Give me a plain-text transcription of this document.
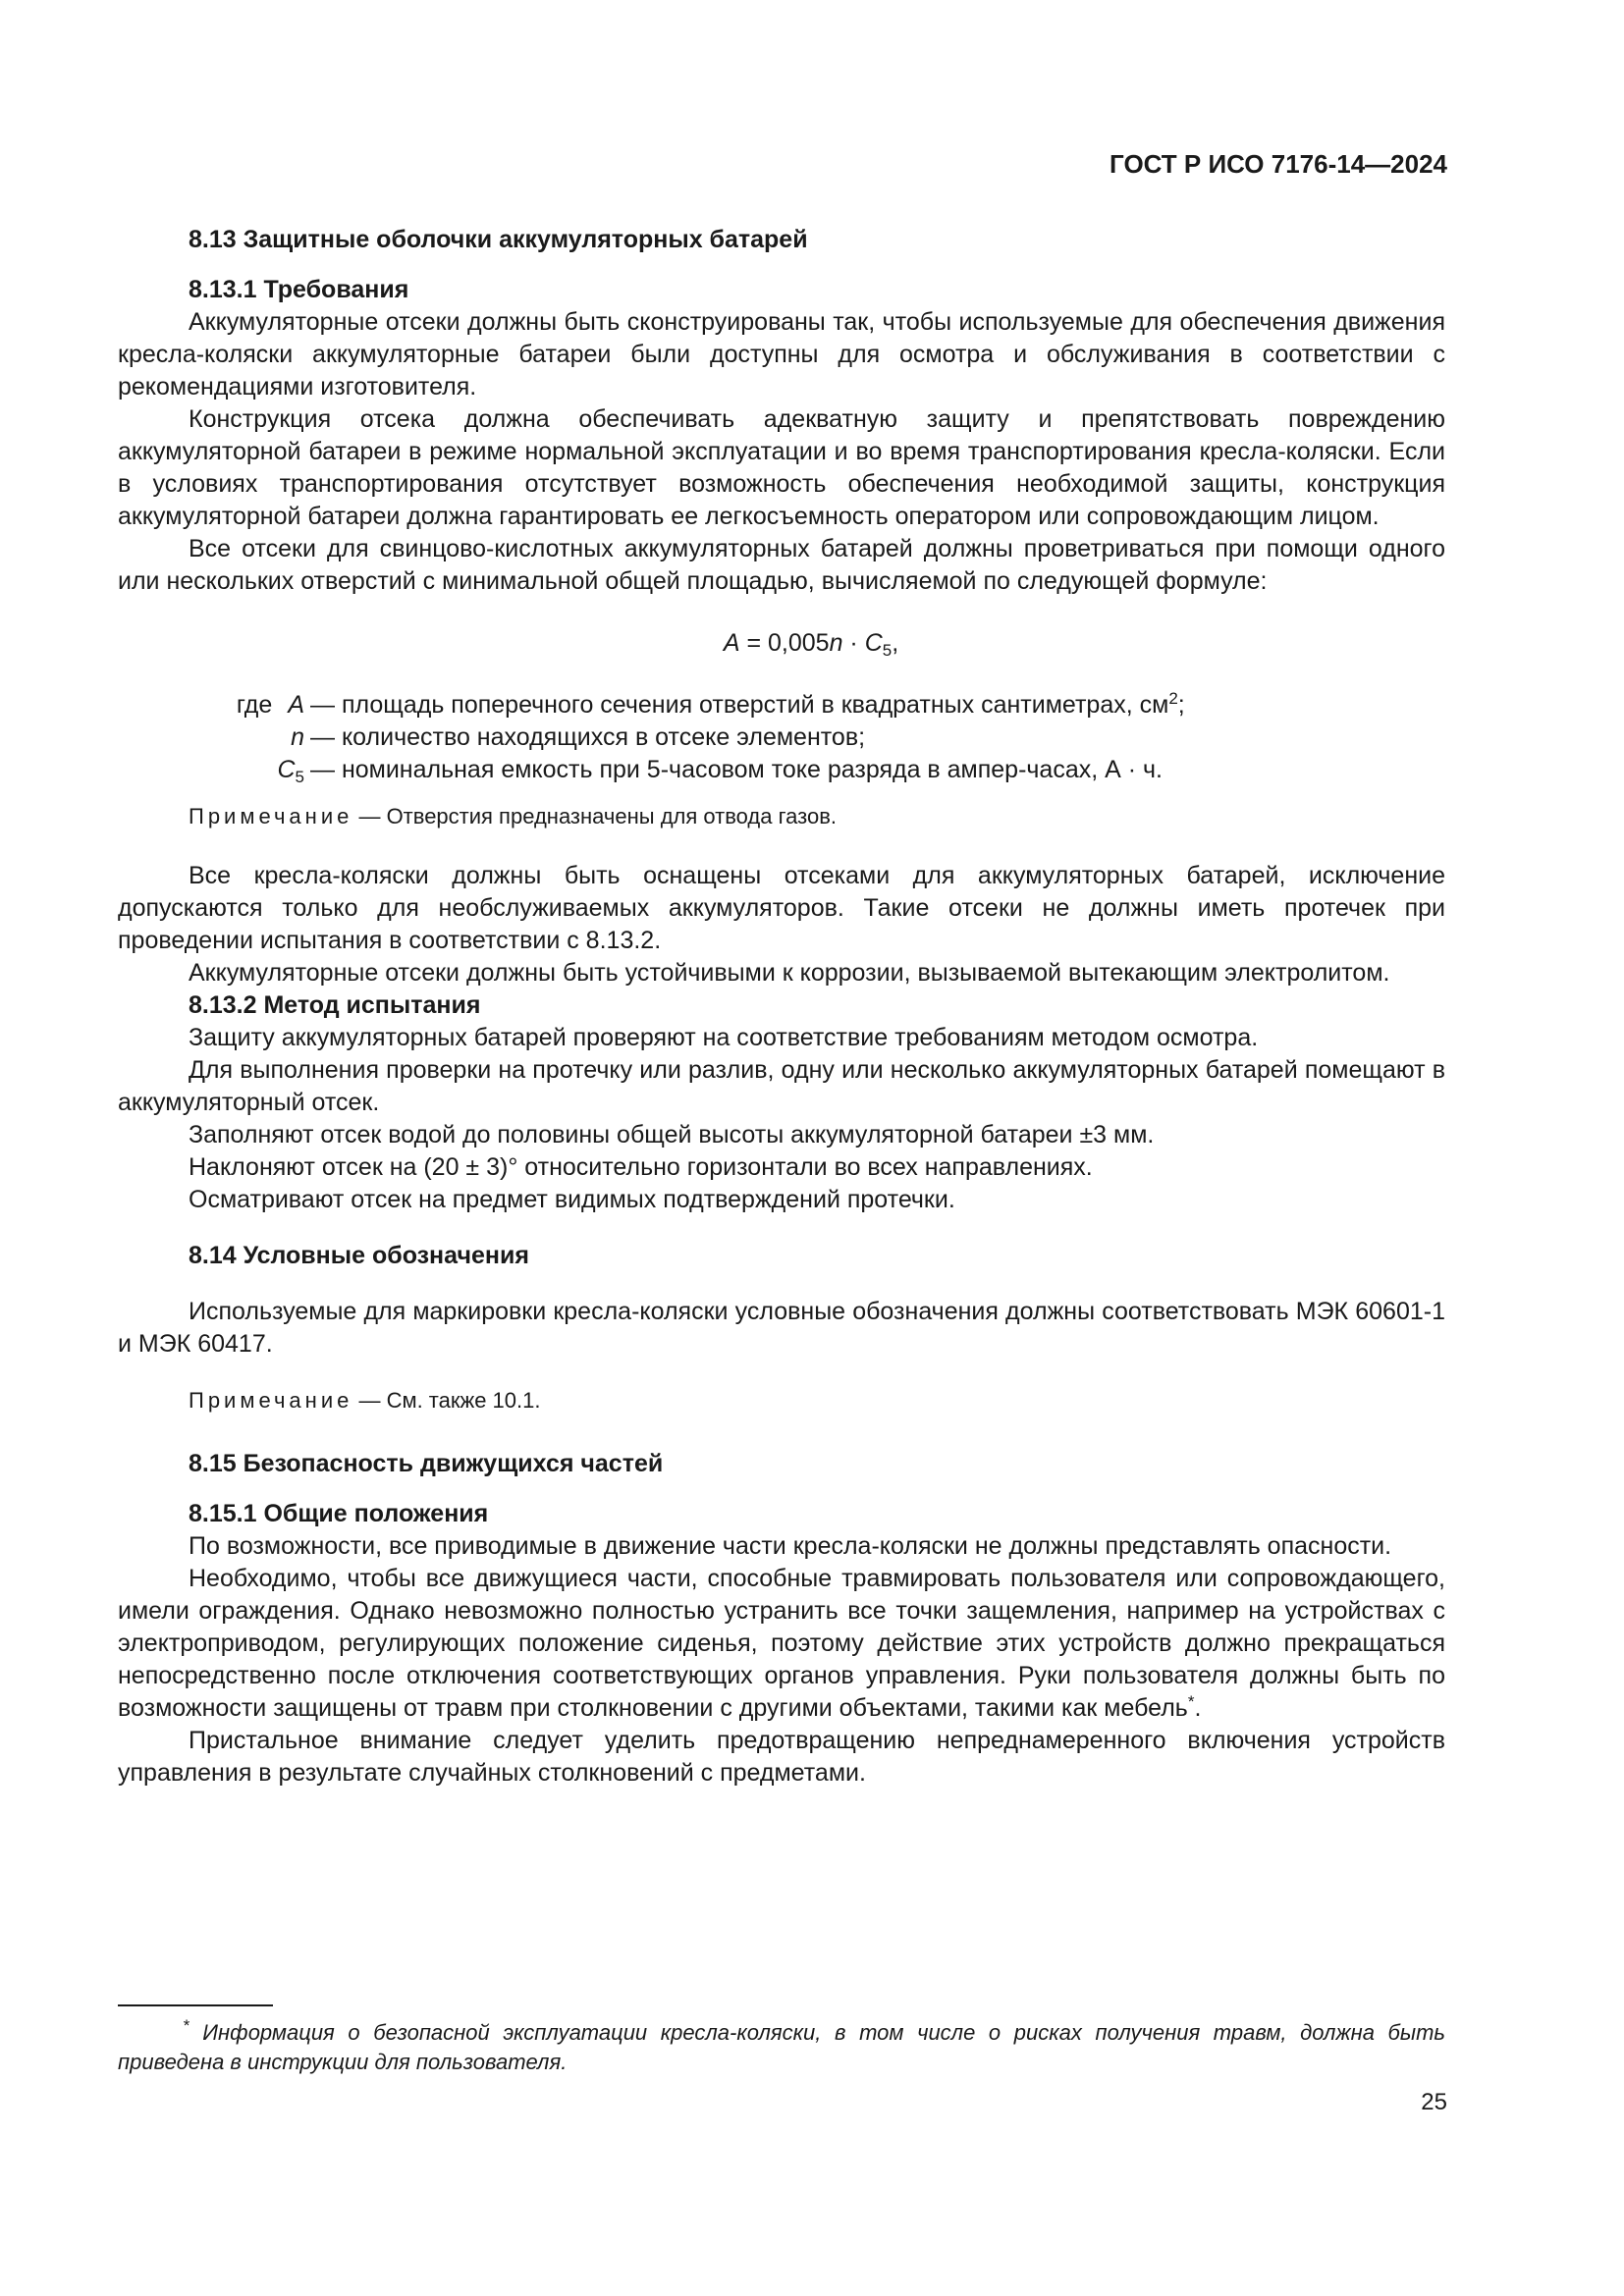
ГОСТ Р ИСО 7176-14—2024

8.13 Защитные оболочки аккумуляторных батарей

8.13.1 Требования

Аккумуляторные отсеки должны быть сконструированы так, чтобы используемые для обеспечения движения кресла-коляски аккумуляторные батареи были доступны для осмотра и обслуживания в соответствии с рекомендациями изготовителя.

Конструкция отсека должна обеспечивать адекватную защиту и препятствовать повреждению аккумуляторной батареи в режиме нормальной эксплуатации и во время транспортирования кресла-коляски. Если в условиях транспортирования отсутствует возможность обеспечения необходимой защиты, конструкция аккумуляторной батареи должна гарантировать ее легкосъемность оператором или сопровождающим лицом.

Все отсеки для свинцово-кислотных аккумуляторных батарей должны проветриваться при помощи одного или нескольких отверстий с минимальной общей площадью, вычисляемой по следующей формуле:

$A = 0,005n \cdot C_5$,

где A — площадь поперечного сечения отверстий в квадратных сантиметрах, $см^2$;
n — количество находящихся в отсеке элементов;
$C_5$ — номинальная емкость при 5-часовом токе разряда в ампер-часах, А · ч.

Примечание — Отверстия предназначены для отвода газов.

Все кресла-коляски должны быть оснащены отсеками для аккумуляторных батарей, исключение допускаются только для необслуживаемых аккумуляторов. Такие отсеки не должны иметь протечек при проведении испытания в соответствии с 8.13.2.

Аккумуляторные отсеки должны быть устойчивыми к коррозии, вызываемой вытекающим электролитом.

8.13.2 Метод испытания

Защиту аккумуляторных батарей проверяют на соответствие требованиям методом осмотра.

Для выполнения проверки на протечку или разлив, одну или несколько аккумуляторных батарей помещают в аккумуляторный отсек.

Заполняют отсек водой до половины общей высоты аккумуляторной батареи ±3 мм.

Наклоняют отсек на (20 ± 3)° относительно горизонтали во всех направлениях.

Осматривают отсек на предмет видимых подтверждений протечки.

8.14 Условные обозначения

Используемые для маркировки кресла-коляски условные обозначения должны соответствовать МЭК 60601-1 и МЭК 60417.

Примечание — См. также 10.1.

8.15 Безопасность движущихся частей

8.15.1 Общие положения

По возможности, все приводимые в движение части кресла-коляски не должны представлять опасности.

Необходимо, чтобы все движущиеся части, способные травмировать пользователя или сопровождающего, имели ограждения. Однако невозможно полностью устранить все точки защемления, например на устройствах с электроприводом, регулирующих положение сиденья, поэтому действие этих устройств должно прекращаться непосредственно после отключения соответствующих органов управления. Руки пользователя должны быть по возможности защищены от травм при столкновении с другими объектами, такими как мебель*.

Пристальное внимание следует уделить предотвращению непреднамеренного включения устройств управления в результате случайных столкновений с предметами.

* Информация о безопасной эксплуатации кресла-коляски, в том числе о рисках получения травм, должна быть приведена в инструкции для пользователя.

25
